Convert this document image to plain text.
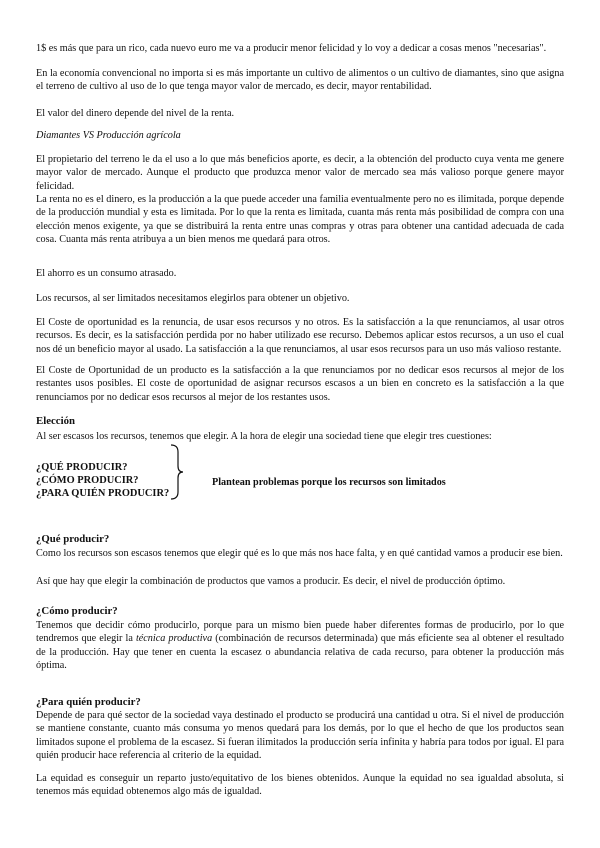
1$ es más que para un rico, cada nuevo euro me va a producir menor felicidad y lo voy a dedicar a cosas menos "necesarias".

En la economía convencional no importa si es más importante un cultivo de alimentos o un cultivo de diamantes, sino que asigna el terreno de cultivo al uso de lo que tenga mayor valor de mercado, es decir, mayor rentabilidad.

El valor del dinero depende del nivel de la renta.

Diamantes VS Producción agrícola

El propietario del terreno le da el uso a lo que más beneficios aporte, es decir, a la obtención del producto cuya venta me genere mayor valor de mercado. Aunque el producto que produzca menor valor de mercado sea más valioso porque genere mayor felicidad.

La renta no es el dinero, es la producción a la que puede acceder una familia eventualmente pero no es ilimitada, porque depende de la producción mundial y esta es limitada. Por lo que la renta es limitada, cuanta más renta más posibilidad de compra con una elección menos exigente, ya que se distribuirá la renta entre unas compras y otras para obtener una cantidad adecuada de cada cosa. Cuanta más renta atribuya a un bien menos me quedará para otros.

El ahorro es un consumo atrasado.

Los recursos, al ser limitados necesitamos elegirlos para obtener un objetivo.

El Coste de oportunidad es la renuncia, de usar esos recursos y no otros. Es la satisfacción a la que renunciamos, al usar otros recursos. Es decir, es la satisfacción perdida por no haber utilizado ese recurso. Debemos aplicar estos recursos, a un uso el cual nos dé un beneficio mayor al usado. La satisfacción a la que renunciamos, al usar esos recursos para un uso más valioso restante.

El Coste de Oportunidad de un producto es la satisfacción a la que renunciamos por no dedicar esos recursos al mejor de los restantes usos posibles. El coste de oportunidad de asignar recursos escasos a un bien en concreto es la satisfacción a la que renunciamos por no dedicar esos recursos al mejor de los restantes usos.

Elección

Al ser escasos los recursos, tenemos que elegir. A la hora de elegir una sociedad tiene que elegir tres cuestiones:

¿QUÉ PRODUCIR?

¿CÓMO PRODUCIR?

¿PARA QUIÉN PRODUCIR?

Plantean problemas porque los recursos son limitados

¿Qué producir?

Como los recursos son escasos tenemos que elegir qué es lo que más nos hace falta, y en qué cantidad vamos a producir ese bien.

Así que hay que elegir la combinación de productos que vamos a producir. Es decir, el nivel de producción óptimo.

¿Cómo producir?

Tenemos que decidir cómo producirlo, porque para un mismo bien puede haber diferentes formas de producirlo, por lo que tendremos que elegir la técnica productiva (combinación de recursos determinada) que más eficiente sea al obtener el resultado de la producción. Hay que tener en cuenta la escasez o abundancia relativa de cada recurso, para obtener la producción más óptima.

¿Para quién producir?

Depende de para qué sector de la sociedad vaya destinado el producto se producirá una cantidad u otra. Si el nivel de producción se mantiene constante, cuanto más consuma yo menos quedará para los demás, por lo que el hecho de que los productos sean limitados supone el problema de la escasez. Si fueran ilimitados la producción sería infinita y habría para todos por igual. El para quién producir hace referencia al criterio de la equidad.

La equidad es conseguir un reparto justo/equitativo de los bienes obtenidos. Aunque la equidad no sea igualdad absoluta, si tenemos más equidad obtenemos algo más de igualdad.
